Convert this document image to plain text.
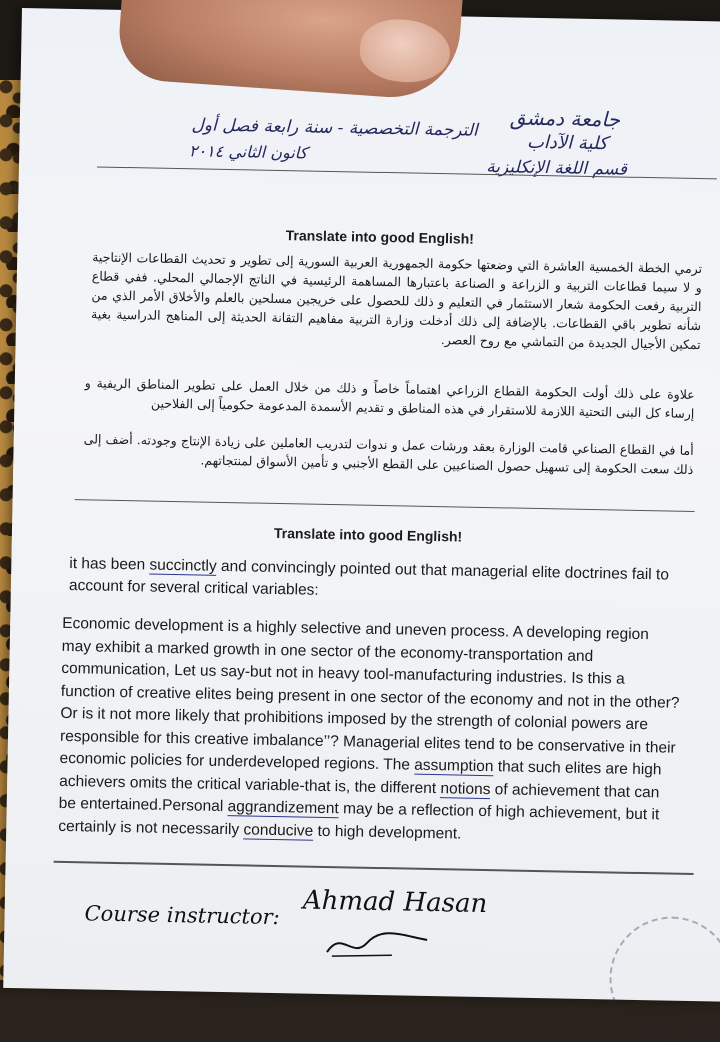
جامعة دمشق
كلية الآداب
قسم اللغة الإنكليزية
الترجمة التخصصية - سنة رابعة فصل أول
كانون الثاني ٢٠١٤
Translate into good English!
ترمي الخطة الخمسية العاشرة التي وضعتها حكومة الجمهورية العربية السورية إلى تطوير و تحديث القطاعات الإنتاجية و لا سيما قطاعات التربية و الزراعة و الصناعة باعتبارها المساهمة الرئيسية في الناتج الإجمالي المحلي. ففي قطاع التربية رفعت الحكومة شعار الاستثمار في التعليم و ذلك للحصول على خريجين مسلحين بالعلم والأخلاق الأمر الذي من شأنه تطوير باقي القطاعات. بالإضافة إلى ذلك أدخلت وزارة التربية مفاهيم التقانة الحديثة إلى المناهج الدراسية بغية تمكين الأجيال الجديدة من التماشي مع روح العصر.
علاوة على ذلك أولت الحكومة القطاع الزراعي اهتماماً خاصاً و ذلك من خلال العمل على تطوير المناطق الريفية و إرساء كل البنى التحتية اللازمة للاستقرار في هذه المناطق و تقديم الأسمدة المدعومة حكومياً إلى الفلاحين
أما في القطاع الصناعي قامت الوزارة بعقد ورشات عمل و ندوات لتدريب العاملين على زيادة الإنتاج وجودته. أضف إلى ذلك سعت الحكومة إلى تسهيل حصول الصناعيين على القطع الأجنبي و تأمين الأسواق لمنتجاتهم.
Translate into good English!
it has been succinctly and convincingly pointed out that managerial elite doctrines fail to account for several critical variables:
Economic development is a highly selective and uneven process. A developing region may exhibit a marked growth in one sector of the economy-transportation and communication, Let us say-but not in heavy tool-manufacturing industries. Is this a function of creative elites being present in one sector of the economy and not in the other? Or is it not more likely that prohibitions imposed by the strength of colonial powers are responsible for this creative imbalance’’? Managerial elites tend to be conservative in their economic policies for underdeveloped regions. The assumption that such elites are high achievers omits the critical variable-that is, the different notions of achievement that can be entertained.Personal aggrandizement may be a reflection of high achievement, but it certainly is not necessarily conducive to high development.
Course instructor: Ahmad Hasan
